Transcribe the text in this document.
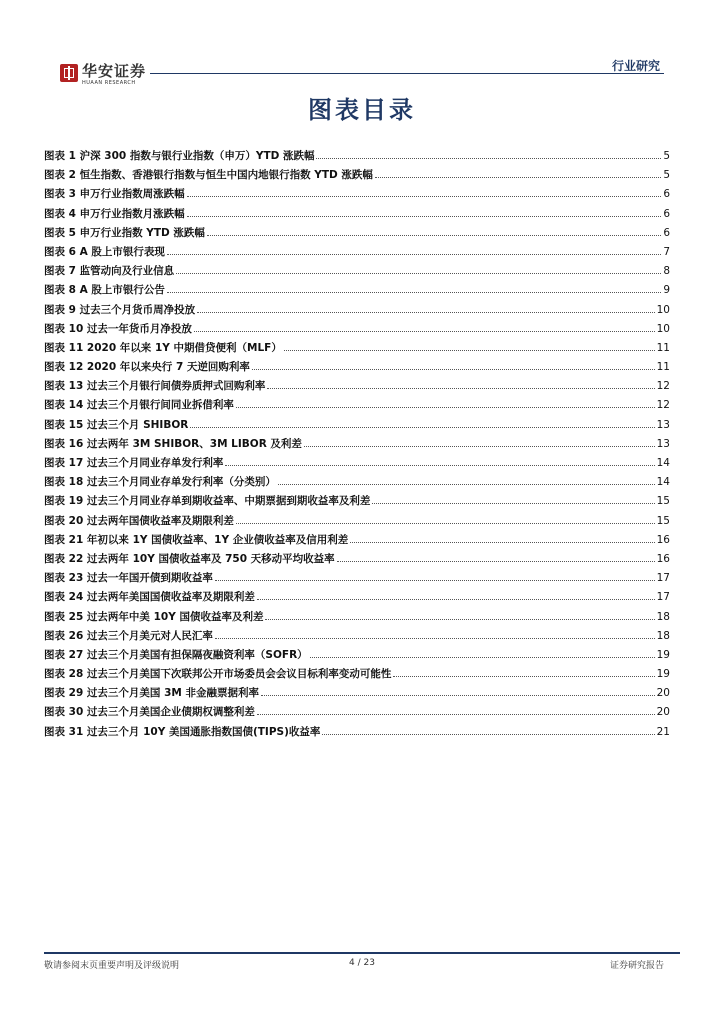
华安证券
HUAAN RESEARCH
行业研究
图表目录
图表 1 沪深 300 指数与银行业指数（申万）YTD 涨跌幅	5
图表 2 恒生指数、香港银行指数与恒生中国内地银行指数 YTD 涨跌幅	5
图表 3 申万行业指数周涨跌幅	6
图表 4 申万行业指数月涨跌幅	6
图表 5 申万行业指数 YTD 涨跌幅	6
图表 6 A 股上市银行表现	7
图表 7 监管动向及行业信息	8
图表 8 A 股上市银行公告	9
图表 9 过去三个月货币周净投放	10
图表 10 过去一年货币月净投放	10
图表 11 2020 年以来 1Y 中期借贷便利（MLF）	11
图表 12 2020 年以来央行 7 天逆回购利率	11
图表 13 过去三个月银行间债券质押式回购利率	12
图表 14 过去三个月银行间同业拆借利率	12
图表 15 过去三个月 SHIBOR	13
图表 16 过去两年 3M SHIBOR、3M LIBOR 及利差	13
图表 17 过去三个月同业存单发行利率	14
图表 18 过去三个月同业存单发行利率（分类别）	14
图表 19 过去三个月同业存单到期收益率、中期票据到期收益率及利差	15
图表 20 过去两年国债收益率及期限利差	15
图表 21 年初以来 1Y 国债收益率、1Y 企业债收益率及信用利差	16
图表 22 过去两年 10Y 国债收益率及 750 天移动平均收益率	16
图表 23 过去一年国开债到期收益率	17
图表 24 过去两年美国国债收益率及期限利差	17
图表 25 过去两年中美 10Y 国债收益率及利差	18
图表 26 过去三个月美元对人民汇率	18
图表 27 过去三个月美国有担保隔夜融资利率（SOFR）	19
图表 28 过去三个月美国下次联邦公开市场委员会会议目标利率变动可能性	19
图表 29 过去三个月美国 3M 非金融票据利率	20
图表 30 过去三个月美国企业债期权调整利差	20
图表 31 过去三个月 10Y 美国通胀指数国债(TIPS)收益率	21
敬请参阅末页重要声明及评级说明	4 / 23	证券研究报告
